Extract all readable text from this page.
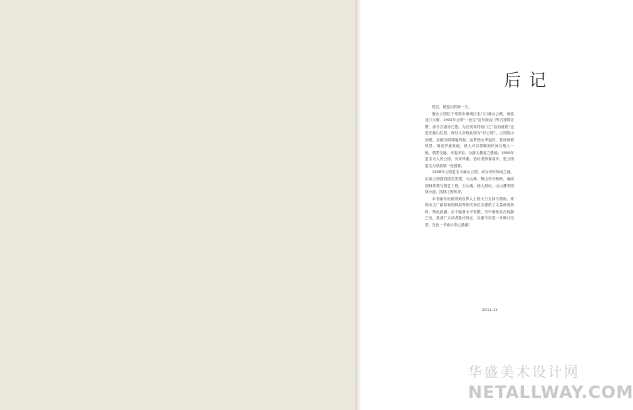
后记

尾巴，就是山的第一方。

鹿山公园位于常熟市虞城区北门口虞山公路，前临北门大街，1903年公园“一处宝”及东面山门等古建筑完整，部分古道亦已毁。为区别其村西门之“县治道院”也是在鹿山位居，现付人亦称此园为“旧公园”。公园依山而建，北端为明城墙风貌，远景独山秀起伏，是现场看风景，细说亭意故地，使人可以领略到民间与植入一般，情景交融，多姿多彩，为游人勤览之胜地。1950年更名为人民公园，历来风雅，造访者游客甚多，是公园更名为常熟第一处园林。

1958年公园更名为虞山公园，成为市民休闲之地，由原公园建设园艺景观，与山林、假山亭台相映，南面园林景观与园艺工程，石山墙，使人游玩，山山叠亭园林小道，园林工程风采。

本书编写出版得到各界人士的大力支持与帮助，常熟市文广新局和园林局等相关单位亦提供了大量珍贵资料，特此致谢。由于编者水平有限，书中难免存在疏漏之处，恳请广大读者批评指正，以便今后进一步修订完善，在此一并表示衷心感谢！

2011.11
华盛美术设计网
NETALLWAY.COM
